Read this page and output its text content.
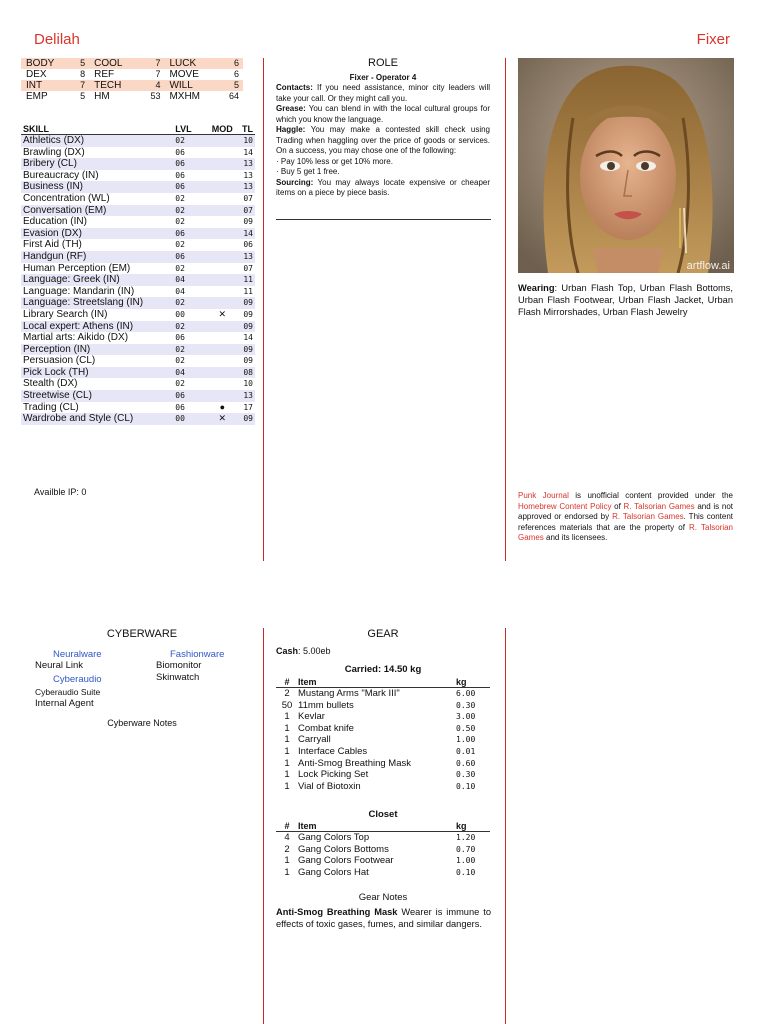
Delilah	Fixer
BODY	5	COOL	7	LUCK	6
DEX	8	REF	7	MOVE	6
INT	7	TECH	4	WILL	5
EMP	5	HM	53	MXHM	64
SKILL	LVL	MOD	TL
Athletics (DX)	02		10
Brawling (DX)	06		14
Bribery (CL)	06		13
Bureaucracy (IN)	06		13
Business (IN)	06		13
Concentration (WL)	02		07
Conversation (EM)	02		07
Education (IN)	02		09
Evasion (DX)	06		14
First Aid (TH)	02		06
Handgun (RF)	06		13
Human Perception (EM)	02		07
Language: Greek (IN)	04		11
Language: Mandarin (IN)	04		11
Language: Streetslang (IN)	02		09
Library Search (IN)	00	✕	09
Local expert: Athens (IN)	02		09
Martial arts: Aikido (DX)	06		14
Perception (IN)	02		09
Persuasion (CL)	02		09
Pick Lock (TH)	04		08
Stealth (DX)	02		10
Streetwise (CL)	06		13
Trading (CL)	06	●	17
Wardrobe and Style (CL)	00	✕	09
Availble IP: 0
ROLE
Fixer - Operator 4
Contacts: If you need assistance, minor city leaders will take your call. Or they might call you.
Grease: You can blend in with the local cultural groups for which you know the language.
Haggle: You may make a contested skill check using Trading when haggling over the price of goods or services. On a success, you may chose one of the following:
· Pay 10% less or get 10% more.
· Buy 5 get 1 free.
Sourcing: You may always locate expensive or cheaper items on a piece by piece basis.
artflow.ai
Wearing: Urban Flash Top, Urban Flash Bottoms, Urban Flash Footwear, Urban Flash Jacket, Urban Flash Mirrorshades, Urban Flash Jewelry
Punk Journal is unofficial content provided under the Homebrew Content Policy of R. Talsorian Games and is not approved or endorsed by R. Talsorian Games. This content references materials that are the property of R. Talsorian Games and its licensees.
CYBERWARE
Neuralware
Neural Link
Cyberaudio
Cyberaudio Suite
Internal Agent
Fashionware
Biomonitor
Skinwatch
Cyberware Notes
GEAR
Cash: 5.00eb
Carried: 14.50 kg
#	Item	kg
2	Mustang Arms "Mark III"	6.00
50	11mm bullets	0.30
1	Kevlar	3.00
1	Combat knife	0.50
1	Carryall	1.00
1	Interface Cables	0.01
1	Anti-Smog Breathing Mask	0.60
1	Lock Picking Set	0.30
1	Vial of Biotoxin	0.10
Closet
#	Item	kg
4	Gang Colors Top	1.20
2	Gang Colors Bottoms	0.70
1	Gang Colors Footwear	1.00
1	Gang Colors Hat	0.10
Gear Notes
Anti-Smog Breathing Mask Wearer is immune to effects of toxic gases, fumes, and similar dangers.
